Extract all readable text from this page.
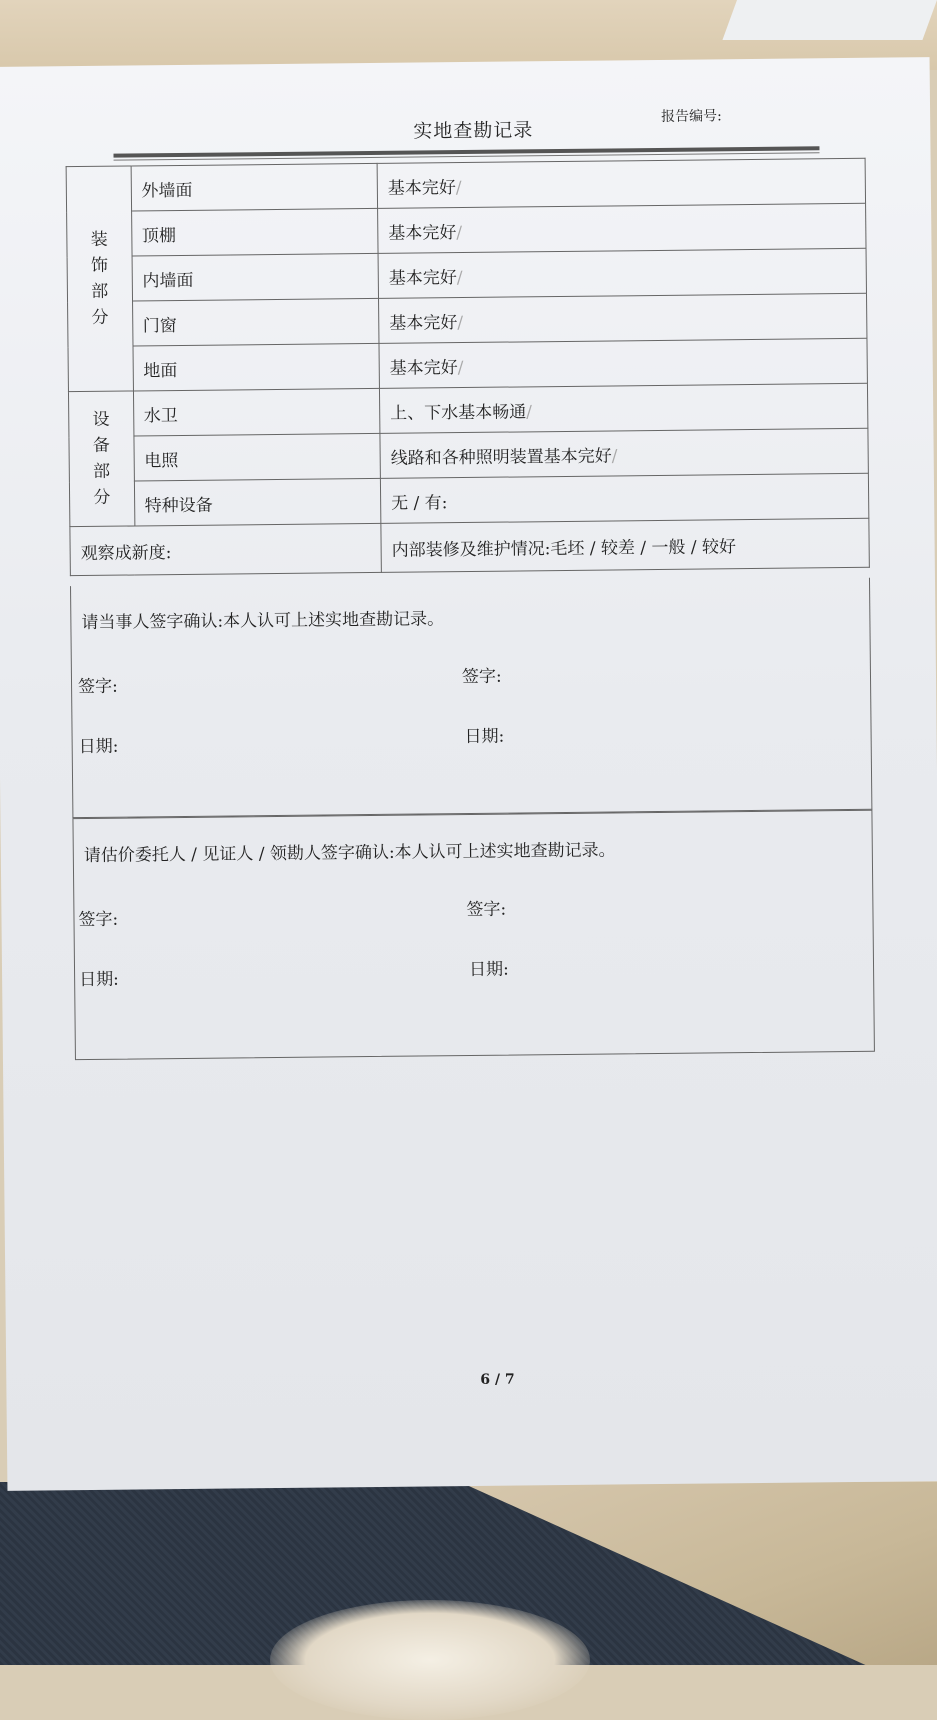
实地查勘记录
报告编号:
装
饰
部
分	外墙面	基本完好/
	顶棚	基本完好/
	内墙面	基本完好/
	门窗	基本完好/
	地面	基本完好/
设
备
部
分	水卫	上、下水基本畅通/
	电照	线路和各种照明装置基本完好/
	特种设备	无 / 有:
观察成新度:		内部装修及维护情况:毛坯 / 较差 / 一般 / 较好
请当事人签字确认:本人认可上述实地查勘记录。
签字:
日期:
签字:
日期:
请估价委托人 / 见证人 / 领勘人签字确认:本人认可上述实地查勘记录。
签字:
日期:
签字:
日期:
6 / 7
